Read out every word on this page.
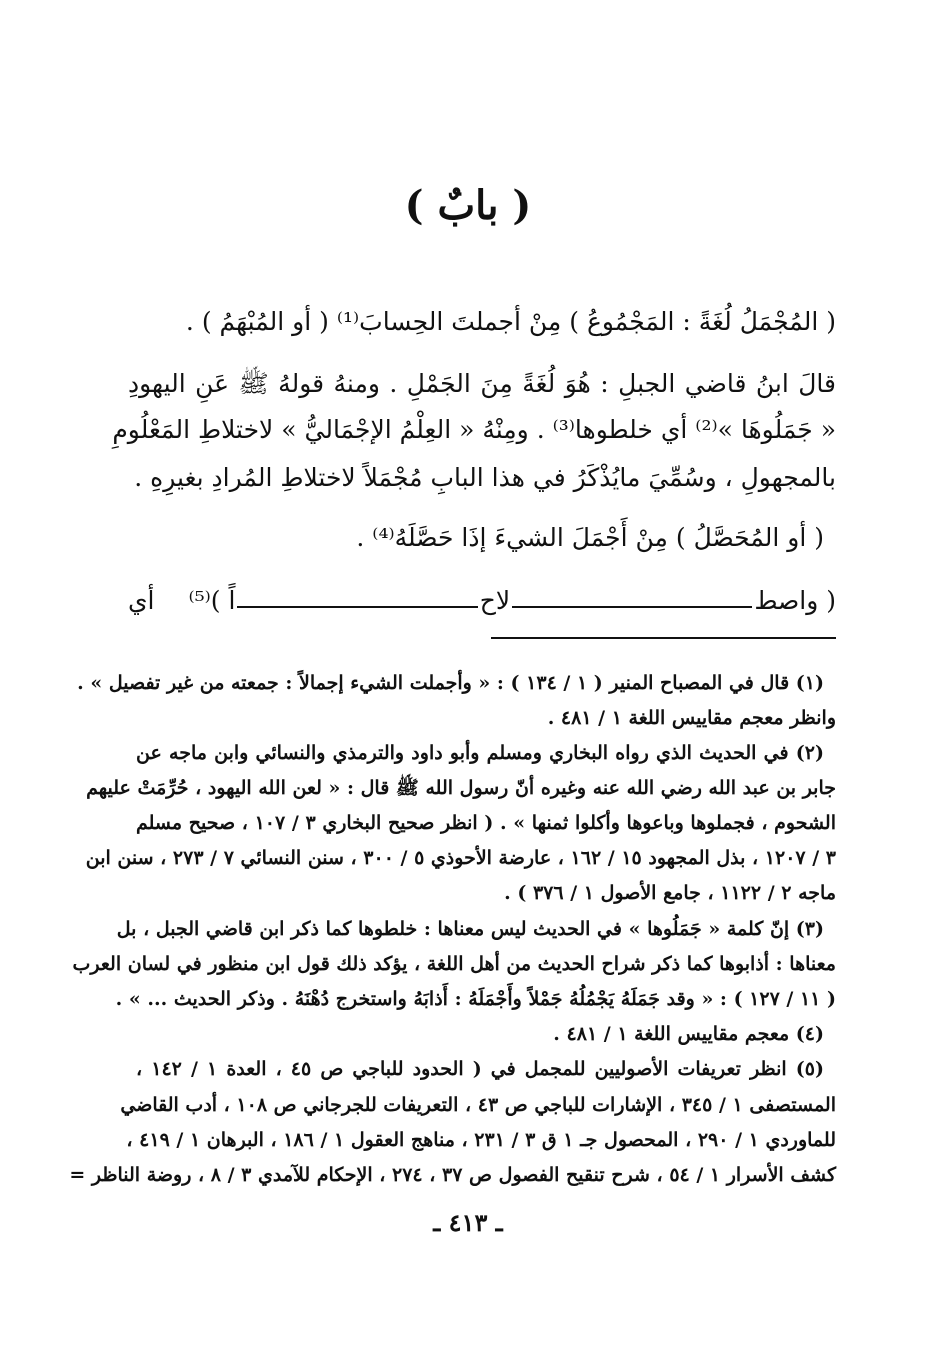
( بابٌ )
( المُجْمَلُ لُغَةً : المَجْمُوعُ ) مِنْ أجملتَ الحِسابَ⁽¹⁾ ( أو المُبْهَمُ ) .
قالَ ابنُ قاضي الجبلِ : هُوَ لُغَةً مِنَ الجَمْلِ . ومنهُ قولهُ ﷺ عَنِ اليهودِ
« جَمَلُوهَا »⁽²⁾ أي خلطوها⁽³⁾ . ومِنْهُ « العِلْمُ الإجْمَاليُّ » لاختلاطِ المَعْلُومِ
بالمجهولِ ، وسُمِّيَ مايُذْكَرُ في هذا البابِ مُجْمَلاً لاختلاطِ المُرادِ بغيرِهِ .
( أو المُحَصَّلُ ) مِنْ أَجْمَلَ الشيءَ إذَا حَصَّلَهُ⁽⁴⁾ .
( واصط
لاح
اً )⁽⁵⁾
أي
(١) قال في المصباح المنير ( ١ / ١٣٤ ) : « وأجملت الشيء إجمالاً : جمعته من غير تفصيل » .
وانظر معجم مقاييس اللغة ١ / ٤٨١ .
(٢) في الحديث الذي رواه البخاري ومسلم وأبو داود والترمذي والنسائي وابن ماجه عن
جابر بن عبد الله رضي الله عنه وغيره أنّ رسول الله ﷺ قال : « لعن الله اليهود ، حُرِّمَتْ عليهم
الشحوم ، فجملوها وباعوها وأكلوا ثمنها » . ( انظر صحيح البخاري ٣ / ١٠٧ ، صحيح مسلم
٣ / ١٢٠٧ ، بذل المجهود ١٥ / ١٦٢ ، عارضة الأحوذي ٥ / ٣٠٠ ، سنن النسائي ٧ / ٢٧٣ ، سنن ابن
ماجه ٢ / ١١٢٢ ، جامع الأصول ١ / ٣٧٦ ) .
(٣) إنّ كلمة « جَمَلُوها » في الحديث ليس معناها : خلطوها كما ذكر ابن قاضي الجبل ، بل
معناها : أذابوها كما ذكر شراح الحديث من أهل اللغة ، يؤكد ذلك قول ابن منظور في لسان العرب
( ١١ / ١٢٧ ) : « وقد جَمَلَهُ يَجْمُلُهُ جَمْلاً وأَجْمَلَهُ : أَذابَهُ واستخرج دُهْنَهُ . وذكر الحديث ... » .
(٤) معجم مقاييس اللغة ١ / ٤٨١ .
(٥) انظر تعريفات الأصوليين للمجمل في ( الحدود للباجي ص ٤٥ ، العدة ١ / ١٤٢ ،
المستصفى ١ / ٣٤٥ ، الإشارات للباجي ص ٤٣ ، التعريفات للجرجاني ص ١٠٨ ، أدب القاضي
للماوردي ١ / ٢٩٠ ، المحصول جـ ١ ق ٣ / ٢٣١ ، مناهج العقول ١ / ١٨٦ ، البرهان ١ / ٤١٩ ،
كشف الأسرار ١ / ٥٤ ، شرح تنقيح الفصول ص ٣٧ ، ٢٧٤ ، الإحكام للآمدي ٣ / ٨ ، روضة الناظر =
ـ ٤١٣ ـ
